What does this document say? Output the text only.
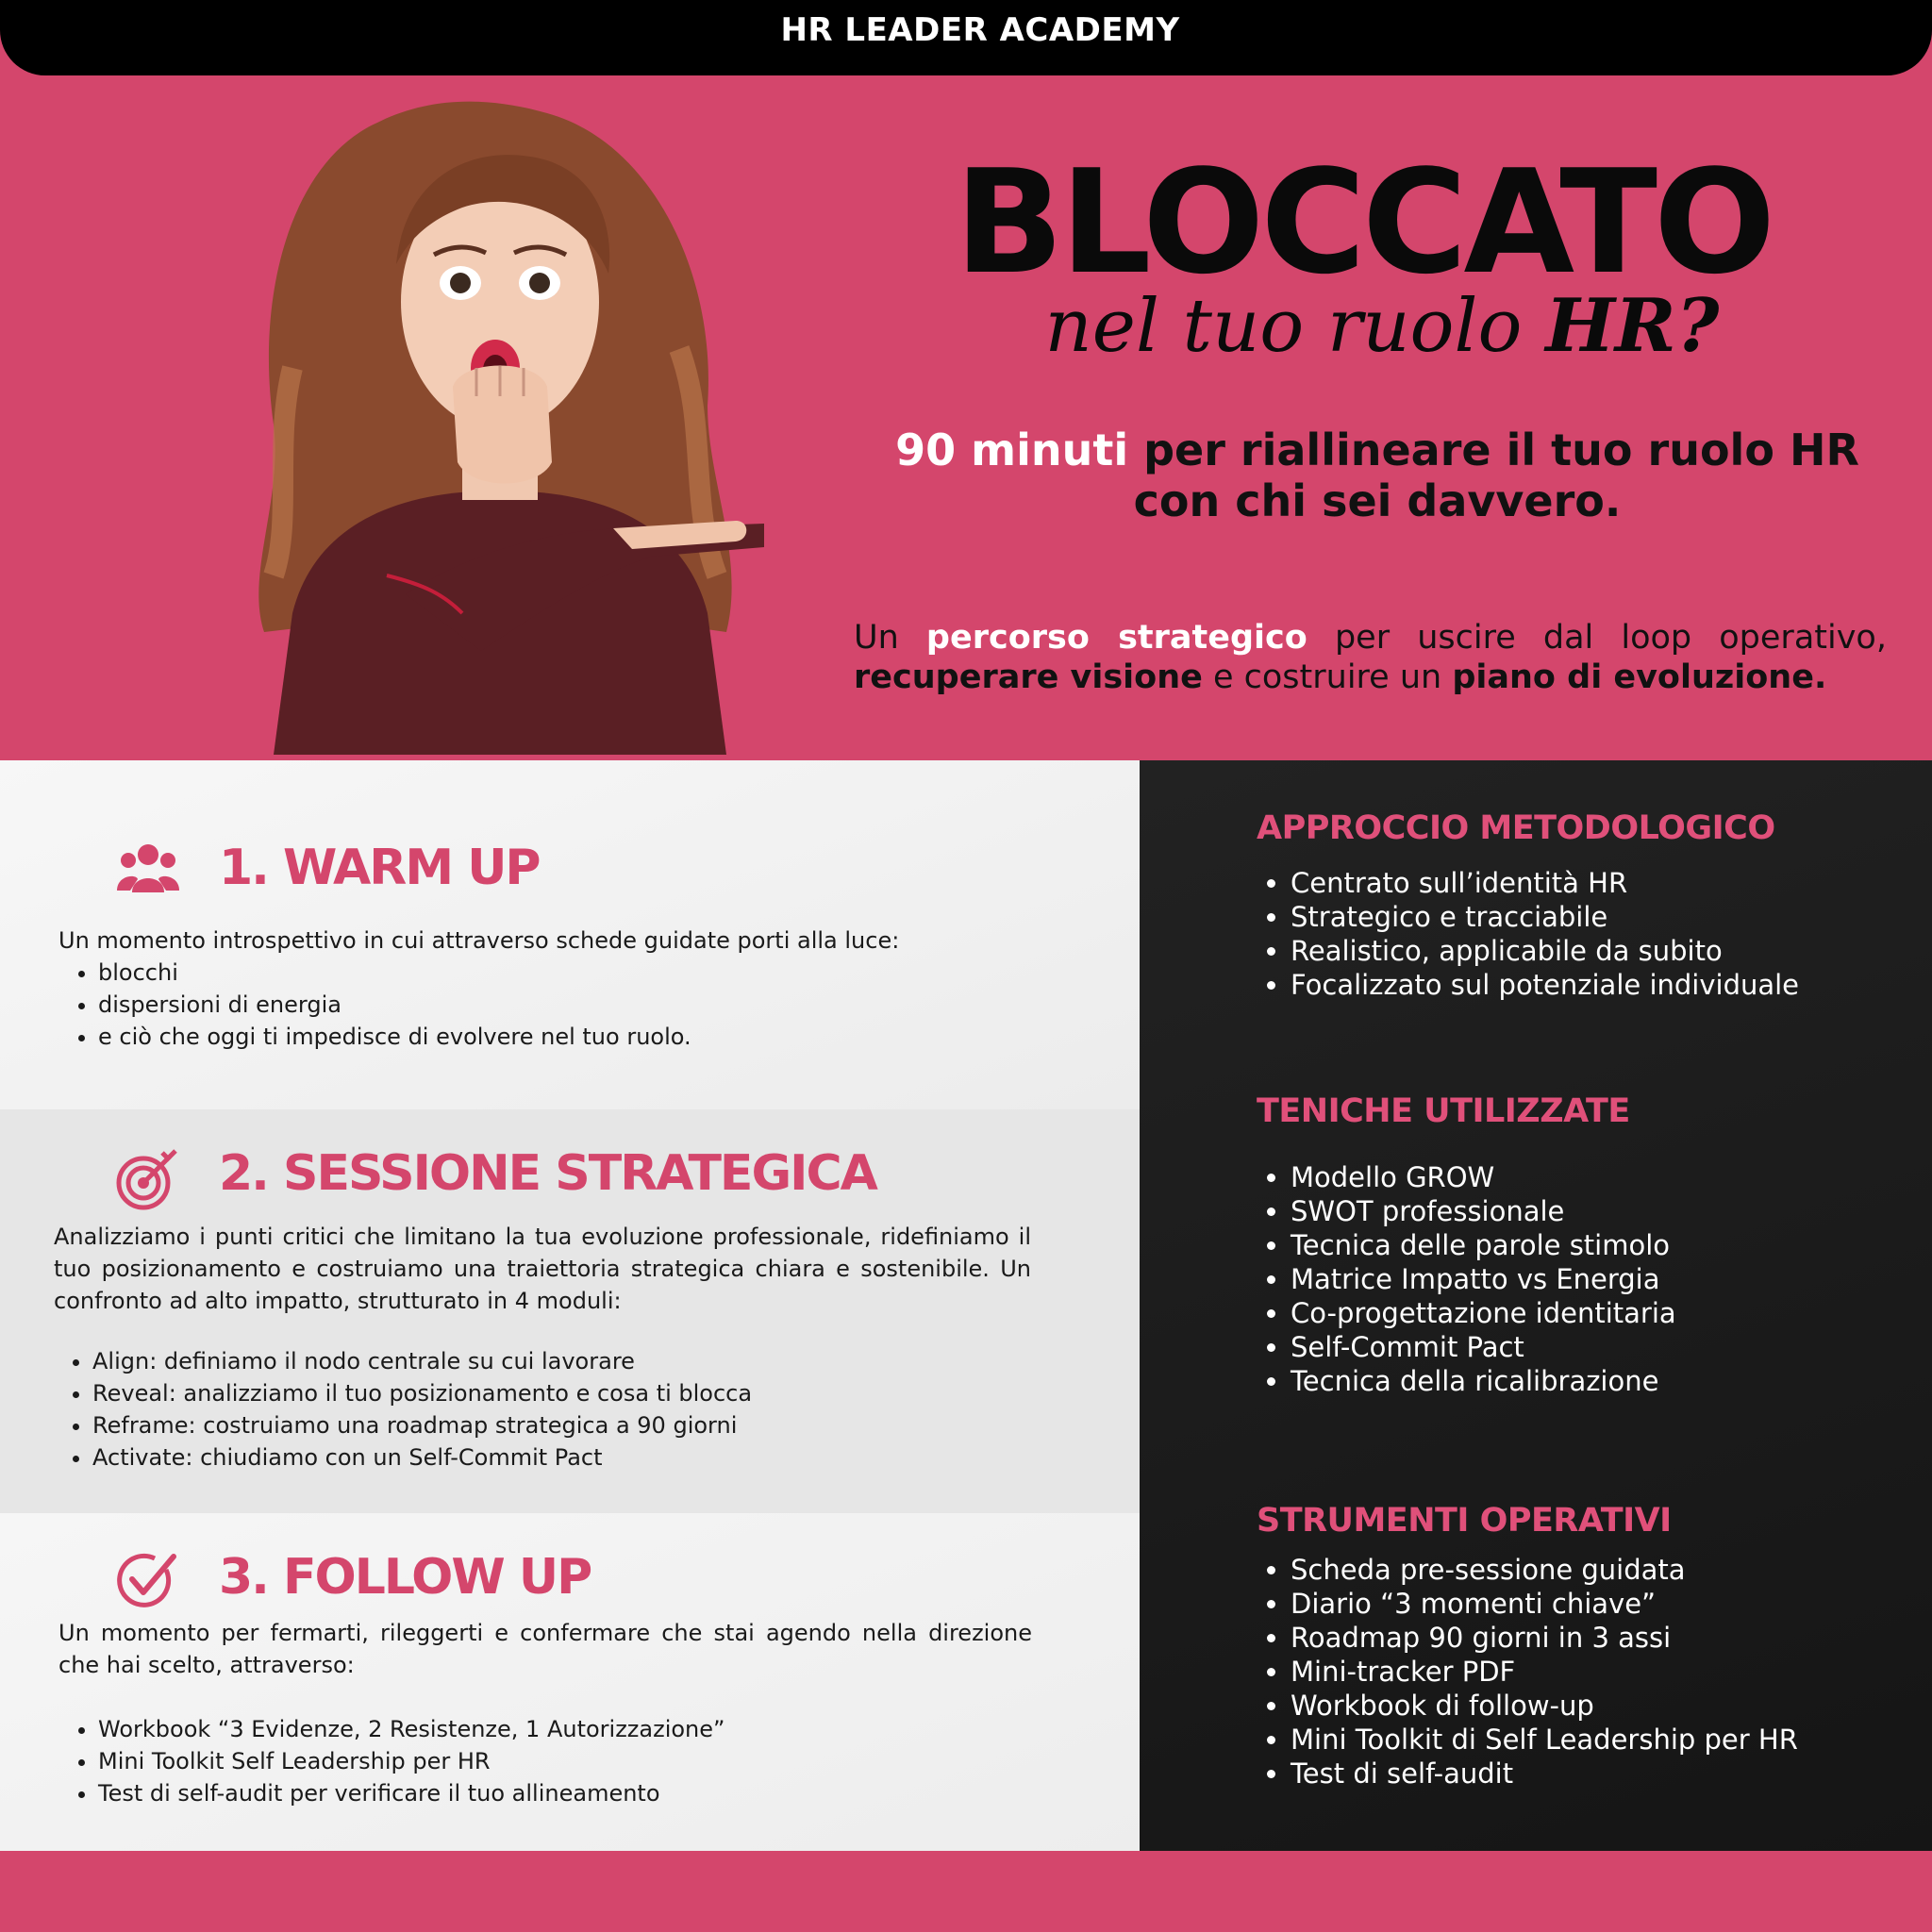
HR LEADER ACADEMY
BLOCCATO
nel tuo ruolo HR?
90 minuti per riallineare il tuo ruolo HR
con chi sei davvero.
Un percorso strategico per uscire dal loop operativo, recuperare visione e costruire un piano di evoluzione.
1. WARM UP
Un momento introspettivo in cui attraverso schede guidate porti alla luce:
• blocchi
• dispersioni di energia
• e ciò che oggi ti impedisce di evolvere nel tuo ruolo.
2. SESSIONE STRATEGICA
Analizziamo i punti critici che limitano la tua evoluzione professionale, ridefiniamo il tuo posizionamento e costruiamo una traiettoria strategica chiara e sostenibile. Un confronto ad alto impatto, strutturato in 4 moduli:
• Align: definiamo il nodo centrale su cui lavorare
• Reveal: analizziamo il tuo posizionamento e cosa ti blocca
• Reframe: costruiamo una roadmap strategica a 90 giorni
• Activate: chiudiamo con un Self-Commit Pact
3. FOLLOW UP
Un momento per fermarti, rileggerti e confermare che stai agendo nella direzione che hai scelto, attraverso:
• Workbook “3 Evidenze, 2 Resistenze, 1 Autorizzazione”
• Mini Toolkit Self Leadership per HR
• Test di self-audit per verificare il tuo allineamento
APPROCCIO METODOLOGICO
• Centrato sull’identità HR
• Strategico e tracciabile
• Realistico, applicabile da subito
• Focalizzato sul potenziale individuale
TENICHE UTILIZZATE
• Modello GROW
• SWOT professionale
• Tecnica delle parole stimolo
• Matrice Impatto vs Energia
• Co-progettazione identitaria
• Self-Commit Pact
• Tecnica della ricalibrazione
STRUMENTI OPERATIVI
• Scheda pre-sessione guidata
• Diario “3 momenti chiave”
• Roadmap 90 giorni in 3 assi
• Mini-tracker PDF
• Workbook di follow-up
• Mini Toolkit di Self Leadership per HR
• Test di self-audit
